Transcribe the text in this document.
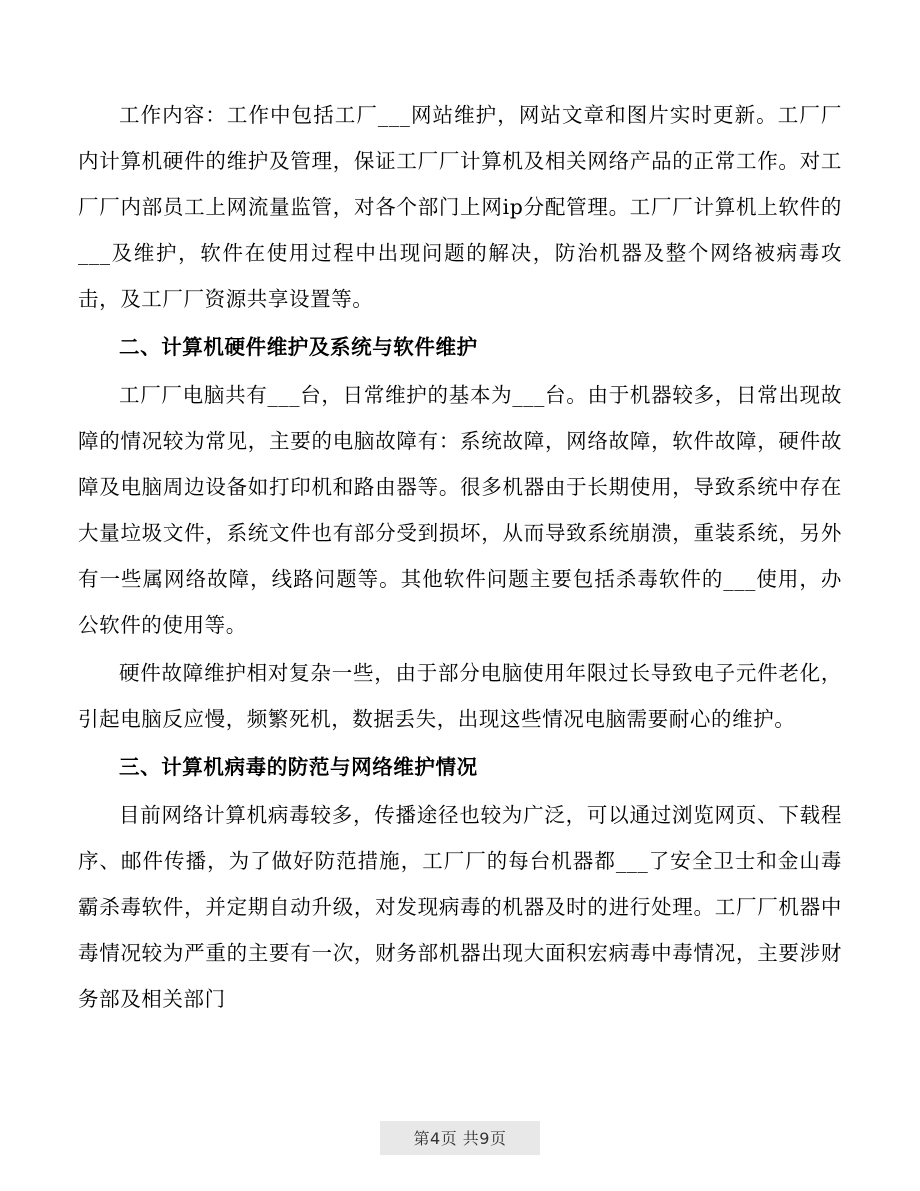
工作内容：工作中包括工厂___网站维护，网站文章和图片实时更新。工厂厂内计算机硬件的维护及管理，保证工厂厂计算机及相关网络产品的正常工作。对工厂厂内部员工上网流量监管，对各个部门上网ip分配管理。工厂厂计算机上软件的___及维护，软件在使用过程中出现问题的解决，防治机器及整个网络被病毒攻击，及工厂厂资源共享设置等。

二、计算机硬件维护及系统与软件维护

工厂厂电脑共有___台，日常维护的基本为___台。由于机器较多，日常出现故障的情况较为常见，主要的电脑故障有：系统故障，网络故障，软件故障，硬件故障及电脑周边设备如打印机和路由器等。很多机器由于长期使用，导致系统中存在大量垃圾文件，系统文件也有部分受到损坏，从而导致系统崩溃，重装系统，另外有一些属网络故障，线路问题等。其他软件问题主要包括杀毒软件的___使用，办公软件的使用等。

硬件故障维护相对复杂一些，由于部分电脑使用年限过长导致电子元件老化，引起电脑反应慢，频繁死机，数据丢失，出现这些情况电脑需要耐心的维护。

三、计算机病毒的防范与网络维护情况

目前网络计算机病毒较多，传播途径也较为广泛，可以通过浏览网页、下载程序、邮件传播，为了做好防范措施，工厂厂的每台机器都___了安全卫士和金山毒霸杀毒软件，并定期自动升级，对发现病毒的机器及时的进行处理。工厂厂机器中毒情况较为严重的主要有一次，财务部机器出现大面积宏病毒中毒情况，主要涉财务部及相关部门

第4页 共9页
